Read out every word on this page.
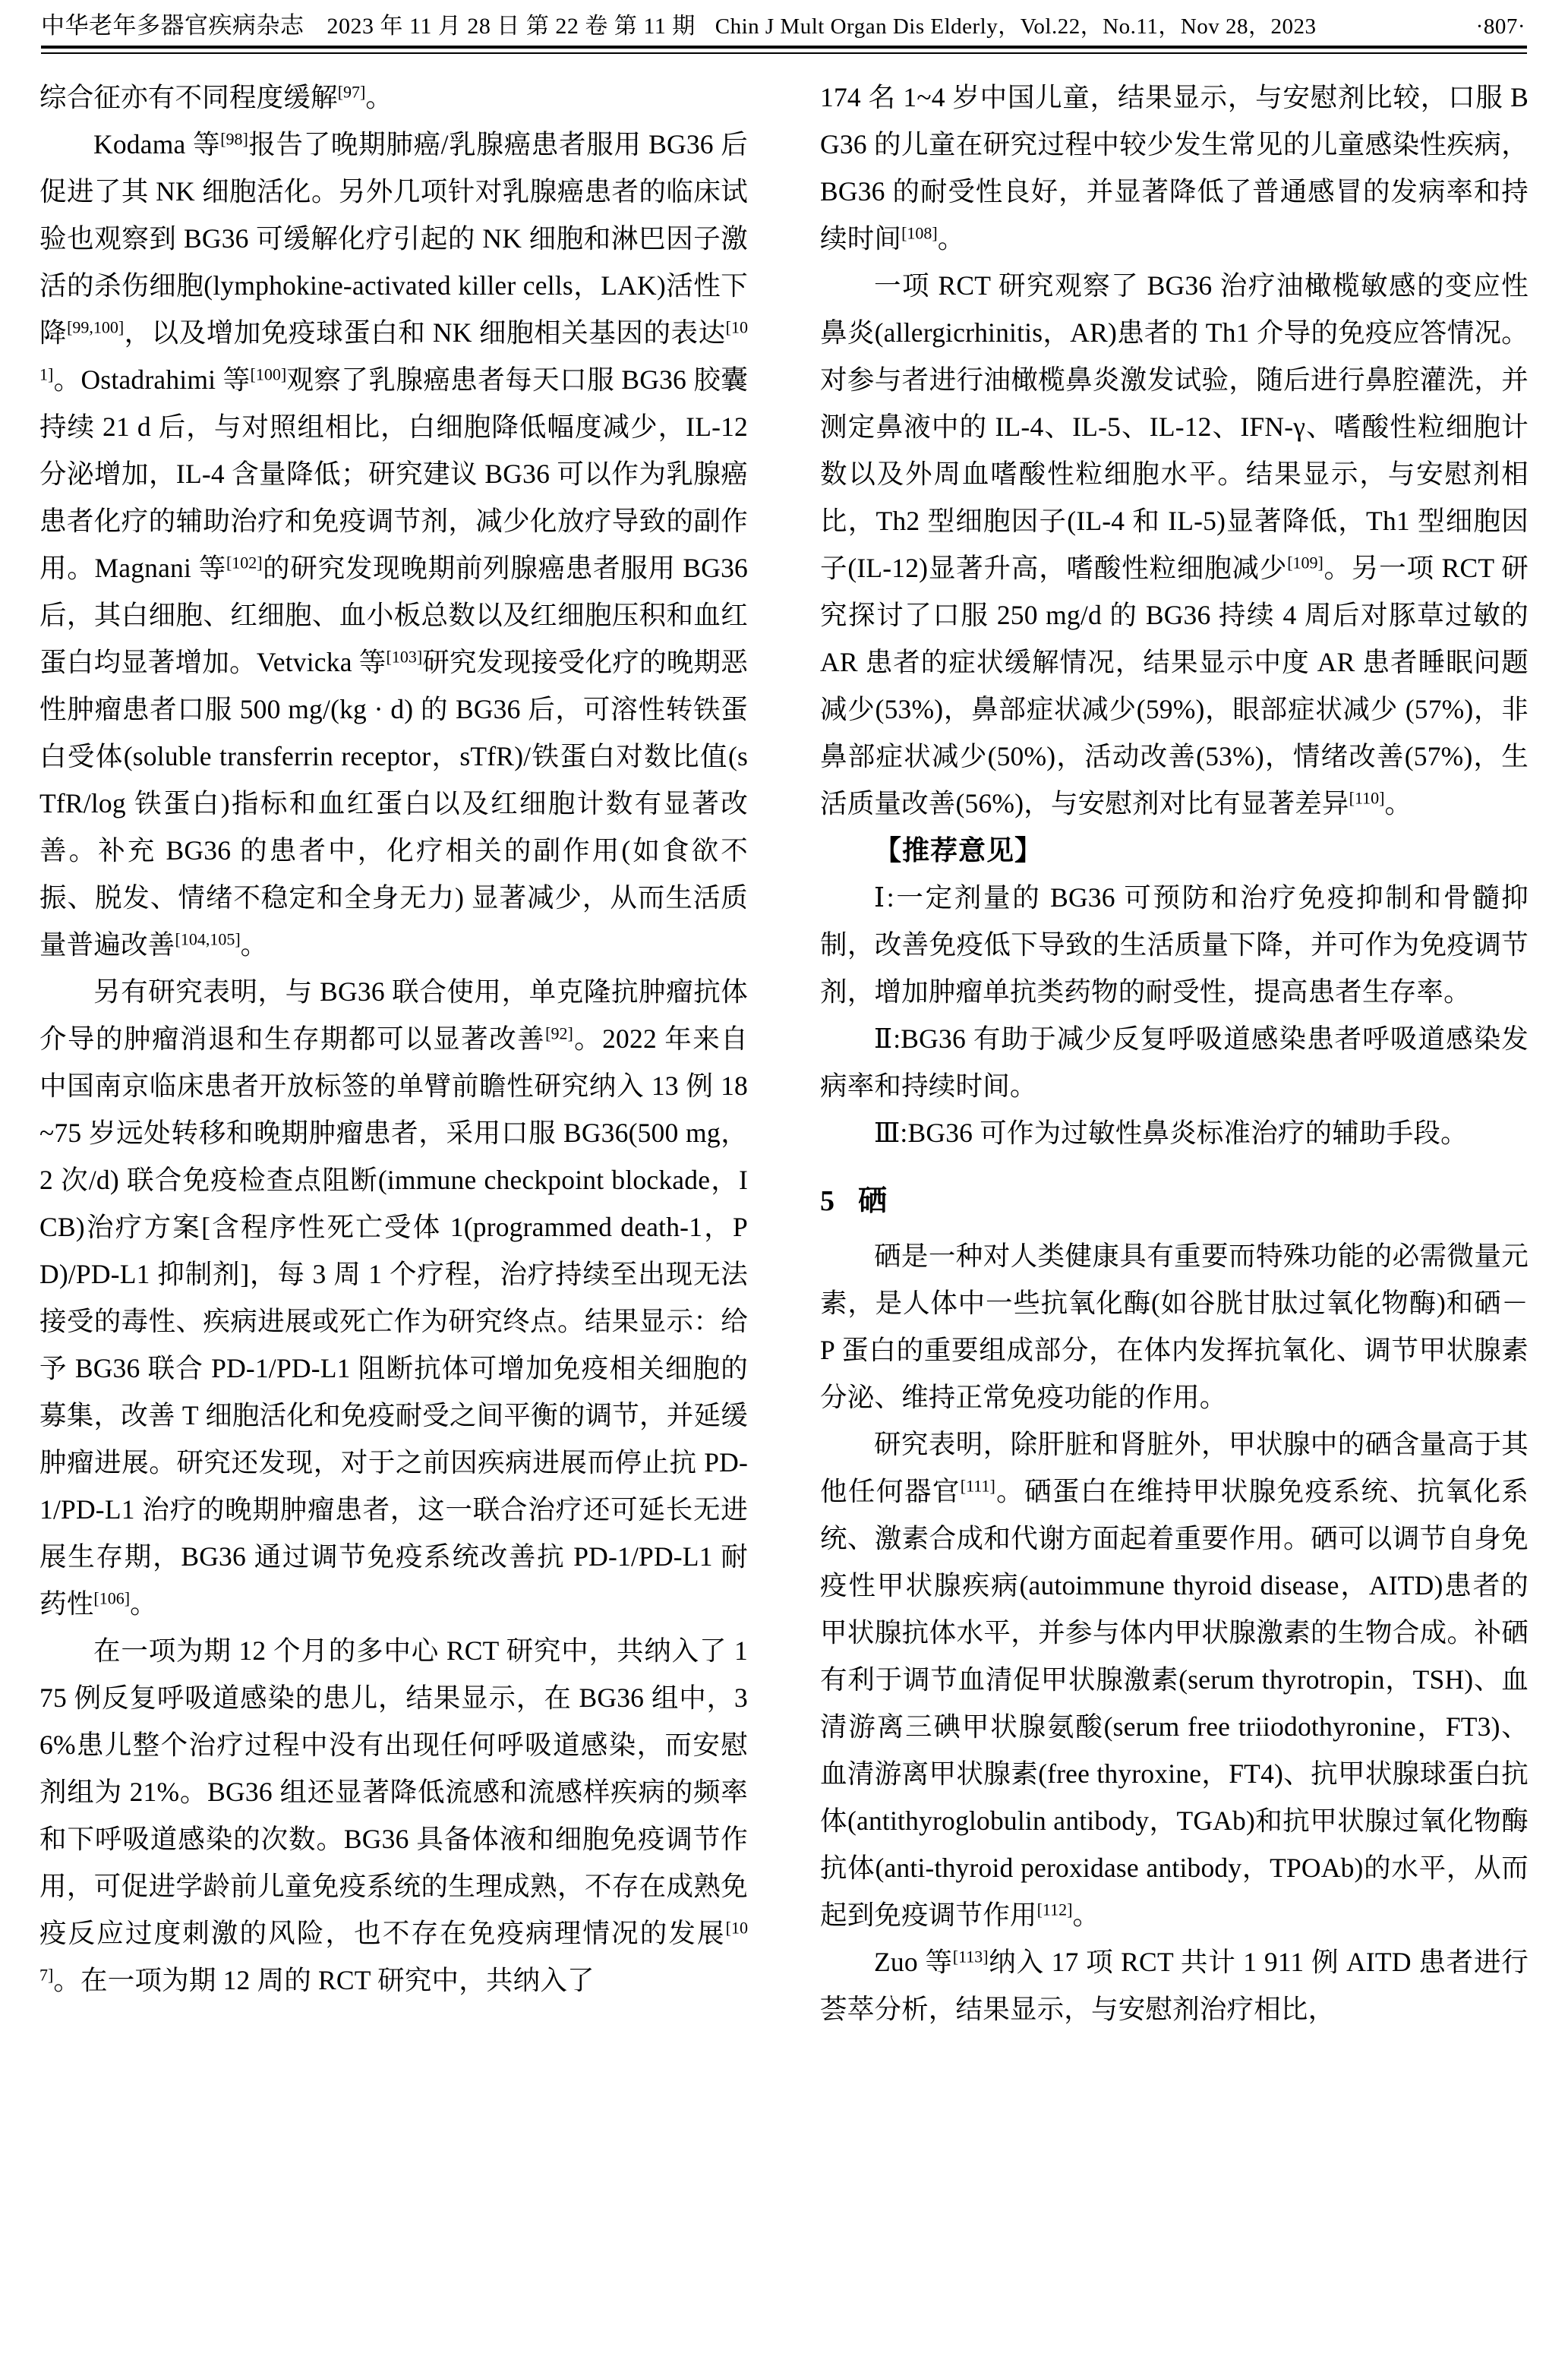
中华老年多器官疾病杂志 2023 年 11 月 28 日 第 22 卷 第 11 期 Chin J Mult Organ Dis Elderly，Vol.22，No.11，Nov 28，2023	·807·

综合征亦有不同程度缓解[97]。

Kodama 等[98]报告了晚期肺癌/乳腺癌患者服用 BG36 后促进了其 NK 细胞活化。另外几项针对乳腺癌患者的临床试验也观察到 BG36 可缓解化疗引起的 NK 细胞和淋巴因子激活的杀伤细胞(lymphokine-activated killer cells，LAK)活性下降[99,100]，以及增加免疫球蛋白和 NK 细胞相关基因的表达[101]。Ostadrahimi 等[100]观察了乳腺癌患者每天口服 BG36 胶囊持续 21 d 后，与对照组相比，白细胞降低幅度减少，IL-12 分泌增加，IL-4 含量降低；研究建议 BG36 可以作为乳腺癌患者化疗的辅助治疗和免疫调节剂，减少化放疗导致的副作用。Magnani 等[102]的研究发现晚期前列腺癌患者服用 BG36 后，其白细胞、红细胞、血小板总数以及红细胞压积和血红蛋白均显著增加。Vetvicka 等[103]研究发现接受化疗的晚期恶性肿瘤患者口服 500 mg/(kg · d) 的 BG36 后，可溶性转铁蛋白受体(soluble transferrin receptor，sTfR)/铁蛋白对数比值(sTfR/log 铁蛋白)指标和血红蛋白以及红细胞计数有显著改善。补充 BG36 的患者中，化疗相关的副作用(如食欲不振、脱发、情绪不稳定和全身无力) 显著减少，从而生活质量普遍改善[104,105]。

另有研究表明，与 BG36 联合使用，单克隆抗肿瘤抗体介导的肿瘤消退和生存期都可以显著改善[92]。2022 年来自中国南京临床患者开放标签的单臂前瞻性研究纳入 13 例 18~75 岁远处转移和晚期肿瘤患者，采用口服 BG36(500 mg，2 次/d) 联合免疫检查点阻断(immune checkpoint blockade，ICB)治疗方案[含程序性死亡受体 1(programmed death-1，PD)/PD-L1 抑制剂]，每 3 周 1 个疗程，治疗持续至出现无法接受的毒性、疾病进展或死亡作为研究终点。结果显示：给予 BG36 联合 PD-1/PD-L1 阻断抗体可增加免疫相关细胞的募集，改善 T 细胞活化和免疫耐受之间平衡的调节，并延缓肿瘤进展。研究还发现，对于之前因疾病进展而停止抗 PD-1/PD-L1 治疗的晚期肿瘤患者，这一联合治疗还可延长无进展生存期，BG36 通过调节免疫系统改善抗 PD-1/PD-L1 耐药性[106]。

在一项为期 12 个月的多中心 RCT 研究中，共纳入了 175 例反复呼吸道感染的患儿，结果显示，在 BG36 组中，36%患儿整个治疗过程中没有出现任何呼吸道感染，而安慰剂组为 21%。BG36 组还显著降低流感和流感样疾病的频率和下呼吸道感染的次数。BG36 具备体液和细胞免疫调节作用，可促进学龄前儿童免疫系统的生理成熟，不存在成熟免疫反应过度刺激的风险，也不存在免疫病理情况的发展[107]。在一项为期 12 周的 RCT 研究中，共纳入了

174 名 1~4 岁中国儿童，结果显示，与安慰剂比较，口服 BG36 的儿童在研究过程中较少发生常见的儿童感染性疾病，BG36 的耐受性良好，并显著降低了普通感冒的发病率和持续时间[108]。

一项 RCT 研究观察了 BG36 治疗油橄榄敏感的变应性鼻炎(allergicrhinitis，AR)患者的 Th1 介导的免疫应答情况。对参与者进行油橄榄鼻炎激发试验，随后进行鼻腔灌洗，并测定鼻液中的 IL-4、IL-5、IL-12、IFN-γ、嗜酸性粒细胞计数以及外周血嗜酸性粒细胞水平。结果显示，与安慰剂相比，Th2 型细胞因子(IL-4 和 IL-5)显著降低，Th1 型细胞因子(IL-12)显著升高，嗜酸性粒细胞减少[109]。另一项 RCT 研究探讨了口服 250 mg/d 的 BG36 持续 4 周后对豚草过敏的 AR 患者的症状缓解情况，结果显示中度 AR 患者睡眠问题减少(53%)，鼻部症状减少(59%)，眼部症状减少 (57%)，非鼻部症状减少(50%)，活动改善(53%)，情绪改善(57%)，生活质量改善(56%)，与安慰剂对比有显著差异[110]。

【推荐意见】

Ⅰ:一定剂量的 BG36 可预防和治疗免疫抑制和骨髓抑制，改善免疫低下导致的生活质量下降，并可作为免疫调节剂，增加肿瘤单抗类药物的耐受性，提高患者生存率。

Ⅱ:BG36 有助于减少反复呼吸道感染患者呼吸道感染发病率和持续时间。

Ⅲ:BG36 可作为过敏性鼻炎标准治疗的辅助手段。

5 硒

硒是一种对人类健康具有重要而特殊功能的必需微量元素，是人体中一些抗氧化酶(如谷胱甘肽过氧化物酶)和硒－P 蛋白的重要组成部分，在体内发挥抗氧化、调节甲状腺素分泌、维持正常免疫功能的作用。

研究表明，除肝脏和肾脏外，甲状腺中的硒含量高于其他任何器官[111]。硒蛋白在维持甲状腺免疫系统、抗氧化系统、激素合成和代谢方面起着重要作用。硒可以调节自身免疫性甲状腺疾病(autoimmune thyroid disease，AITD)患者的甲状腺抗体水平，并参与体内甲状腺激素的生物合成。补硒有利于调节血清促甲状腺激素(serum thyrotropin，TSH)、血清游离三碘甲状腺氨酸(serum free triiodothyronine，FT3)、血清游离甲状腺素(free thyroxine，FT4)、抗甲状腺球蛋白抗体(antithyroglobulin antibody，TGAb)和抗甲状腺过氧化物酶抗体(anti-thyroid peroxidase antibody，TPOAb)的水平，从而起到免疫调节作用[112]。

Zuo 等[113]纳入 17 项 RCT 共计 1 911 例 AITD 患者进行荟萃分析，结果显示，与安慰剂治疗相比，
